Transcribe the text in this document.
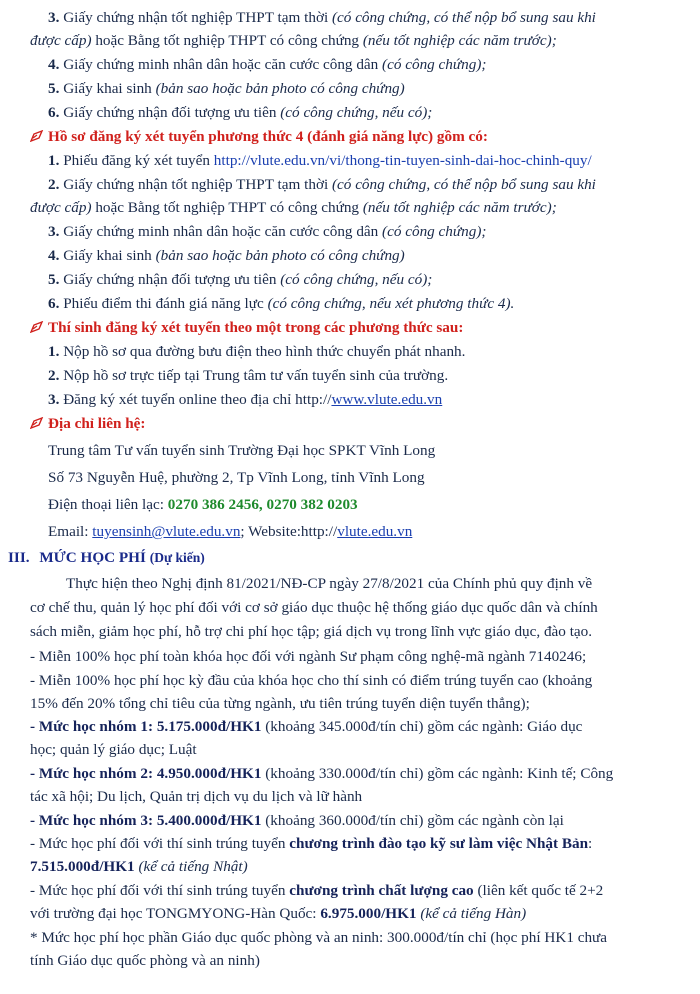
3. Giấy chứng nhận tốt nghiệp THPT tạm thời (có công chứng, có thể nộp bổ sung sau khi
được cấp) hoặc Bằng tốt nghiệp THPT có công chứng (nếu tốt nghiệp các năm trước);
4. Giấy chứng minh nhân dân hoặc căn cước công dân (có công chứng);
5. Giấy khai sinh (bản sao hoặc bản photo có công chứng)
6. Giấy chứng nhận đối tượng ưu tiên (có công chứng, nếu có);
Hồ sơ đăng ký xét tuyển phương thức 4 (đánh giá năng lực) gồm có:
1. Phiếu đăng ký xét tuyển http://vlute.edu.vn/vi/thong-tin-tuyen-sinh-dai-hoc-chinh-quy/
2. Giấy chứng nhận tốt nghiệp THPT tạm thời (có công chứng, có thể nộp bổ sung sau khi
được cấp) hoặc Bằng tốt nghiệp THPT có công chứng (nếu tốt nghiệp các năm trước);
3. Giấy chứng minh nhân dân hoặc căn cước công dân (có công chứng);
4. Giấy khai sinh (bản sao hoặc bản photo có công chứng)
5. Giấy chứng nhận đối tượng ưu tiên (có công chứng, nếu có);
6. Phiếu điểm thi đánh giá năng lực (có công chứng, nếu xét phương thức 4).
Thí sinh đăng ký xét tuyển theo một trong các phương thức sau:
1. Nộp hồ sơ qua đường bưu điện theo hình thức chuyển phát nhanh.
2. Nộp hồ sơ trực tiếp tại Trung tâm tư vấn tuyển sinh của trường.
3. Đăng ký xét tuyển online theo địa chỉ http://www.vlute.edu.vn
Địa chỉ liên hệ:
Trung tâm Tư vấn tuyển sinh Trường Đại học SPKT Vĩnh Long
Số 73 Nguyễn Huệ, phường 2, Tp Vĩnh Long, tỉnh Vĩnh Long
Điện thoại liên lạc: 0270 386 2456, 0270 382 0203
Email: tuyensinh@vlute.edu.vn; Website:http://vlute.edu.vn
III. MỨC HỌC PHÍ (Dự kiến)
Thực hiện theo Nghị định 81/2021/NĐ-CP ngày 27/8/2021 của Chính phủ quy định về
cơ chế thu, quản lý học phí đối với cơ sở giáo dục thuộc hệ thống giáo dục quốc dân và chính
sách miễn, giảm học phí, hỗ trợ chi phí học tập; giá dịch vụ trong lĩnh vực giáo dục, đào tạo.
- Miễn 100% học phí toàn khóa học đối với ngành Sư phạm công nghệ-mã ngành 7140246;
- Miễn 100% học phí học kỳ đầu của khóa học cho thí sinh có điểm trúng tuyển cao (khoảng
15% đến 20% tổng chỉ tiêu của từng ngành, ưu tiên trúng tuyển diện tuyển thẳng);
- Mức học nhóm 1: 5.175.000đ/HK1 (khoảng 345.000đ/tín chỉ) gồm các ngành: Giáo dục
học; quản lý giáo dục; Luật
- Mức học nhóm 2: 4.950.000đ/HK1 (khoảng 330.000đ/tín chỉ) gồm các ngành: Kinh tế; Công
tác xã hội; Du lịch, Quản trị dịch vụ du lịch và lữ hành
- Mức học nhóm 3: 5.400.000đ/HK1 (khoảng 360.000đ/tín chỉ) gồm các ngành còn lại
- Mức học phí đối với thí sinh trúng tuyển chương trình đào tạo kỹ sư làm việc Nhật Bản:
7.515.000đ/HK1 (kể cả tiếng Nhật)
- Mức học phí đối với thí sinh trúng tuyển chương trình chất lượng cao (liên kết quốc tế 2+2
với trường đại học TONGMYONG-Hàn Quốc: 6.975.000/HK1 (kể cả tiếng Hàn)
* Mức học phí học phần Giáo dục quốc phòng và an ninh: 300.000đ/tín chỉ (học phí HK1 chưa
tính Giáo dục quốc phòng và an ninh)
